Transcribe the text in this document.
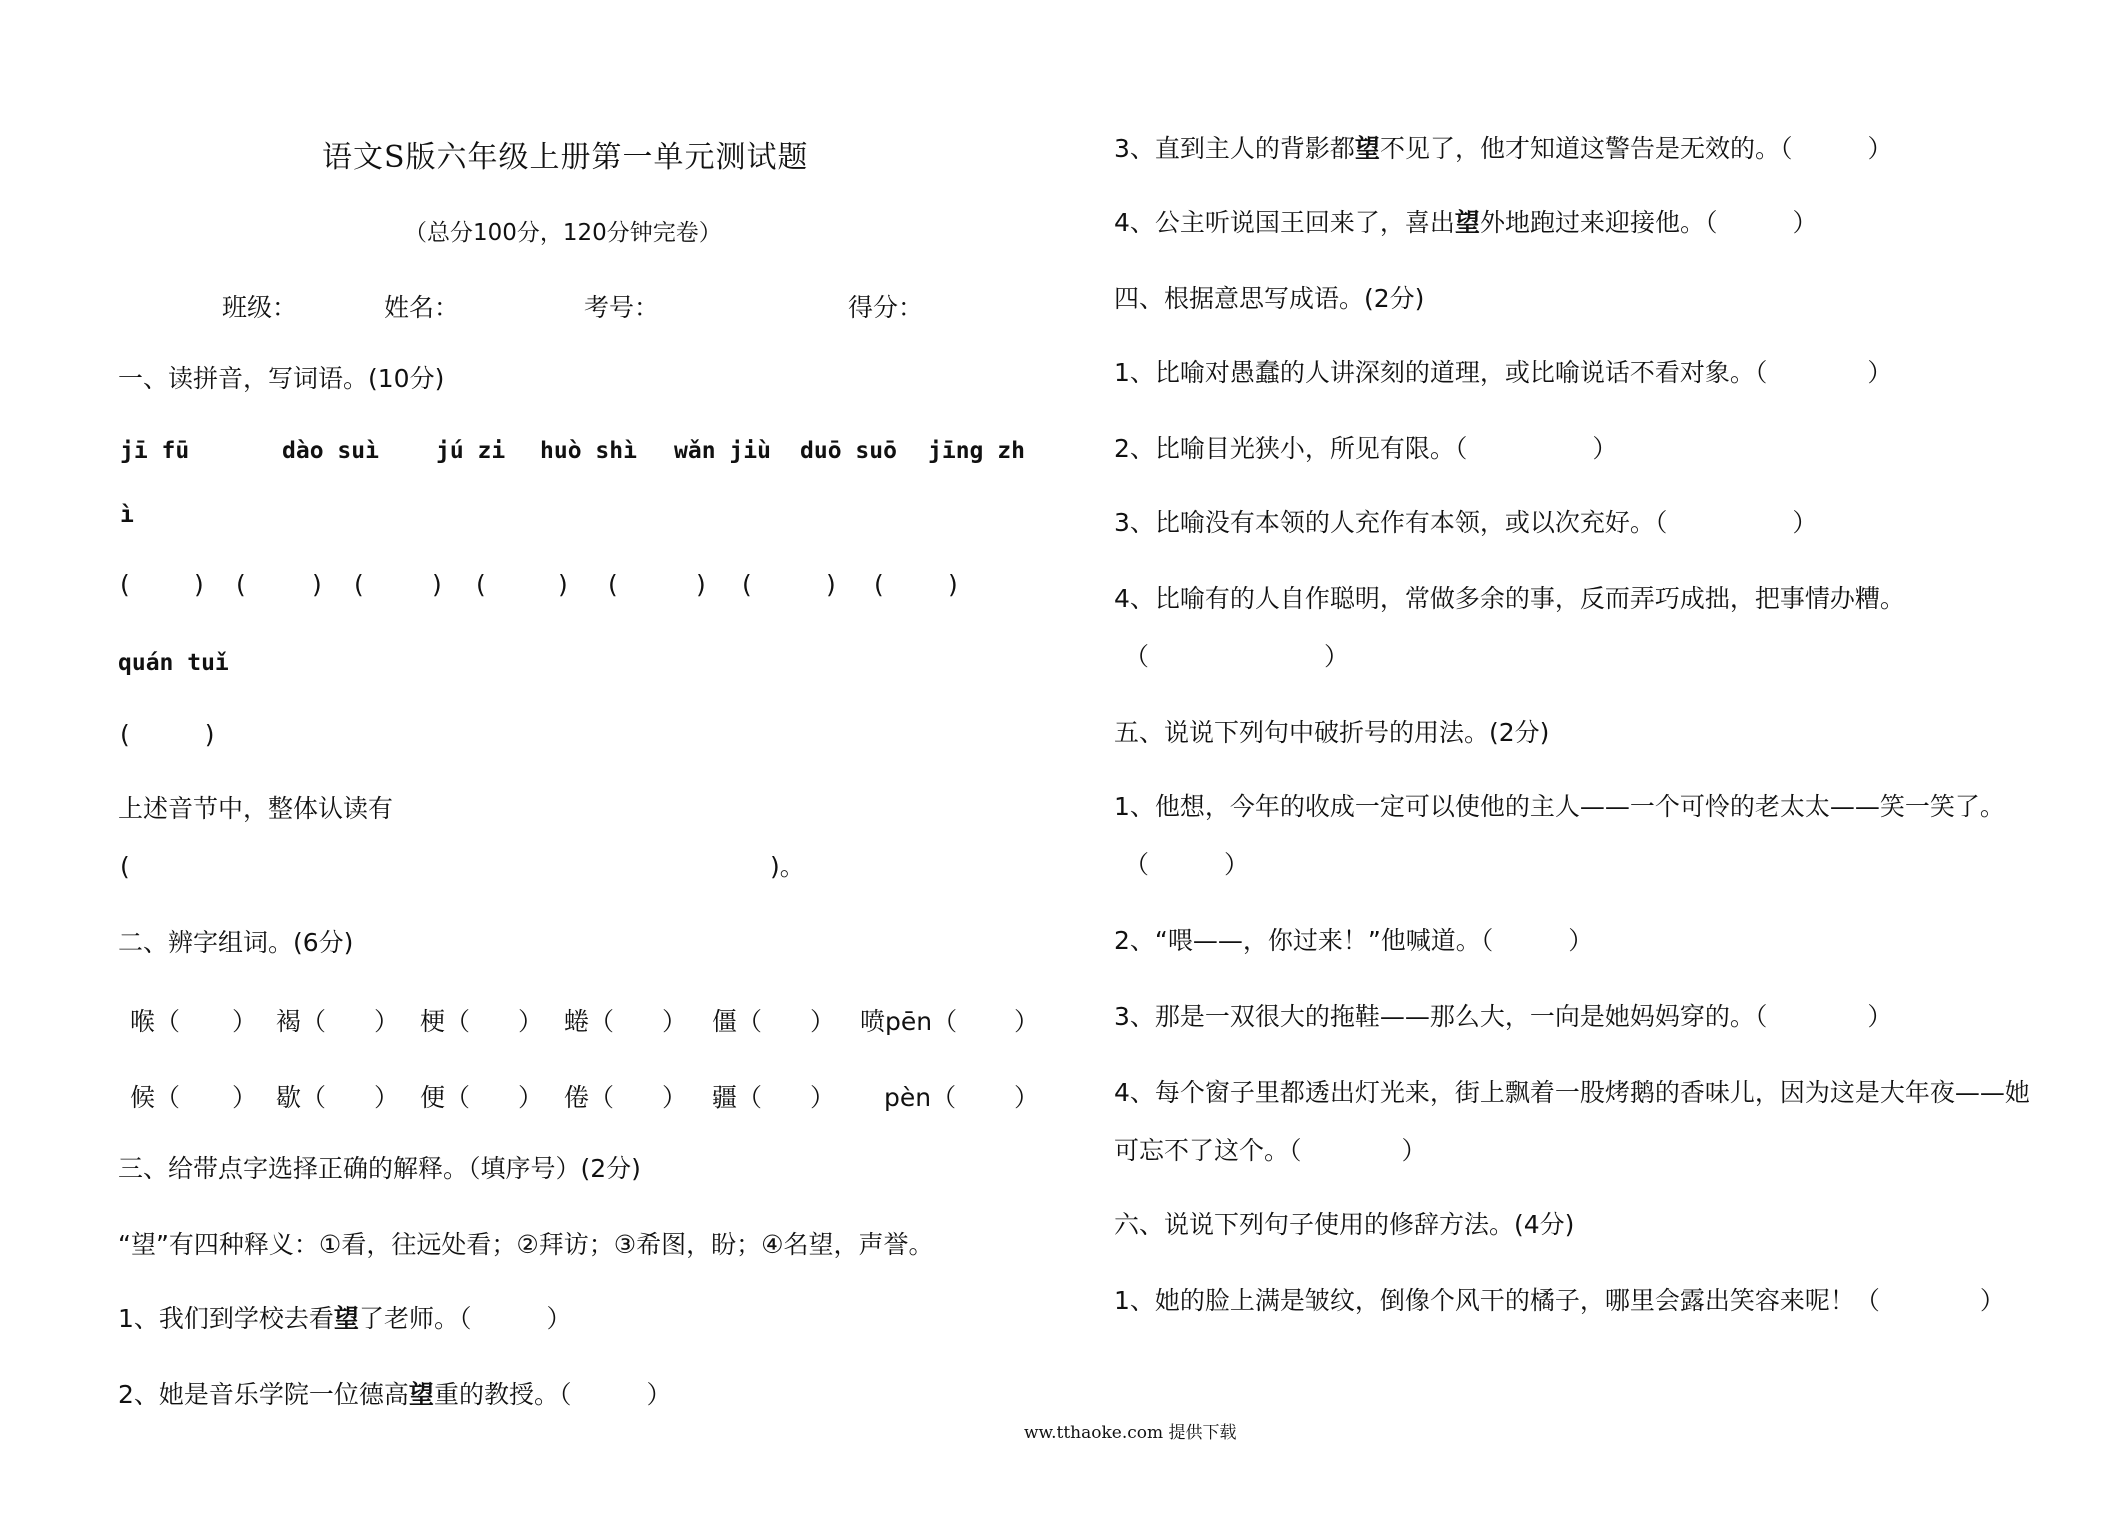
语文S版六年级上册第一单元测试题
（总分100分，120分钟完卷）
班级：	姓名：	考号：	得分：
一、读拼音，写词语。(10分)
jī fū	dào suì jú zi huò shì wǎn jiù duō suō jīng zh
ì
(	) (	) (	) (	) (	) (	) (	)
quán tuǐ
(　　　)
上述音节中，整体认读有
(	)。
二、辨字组词。(6分)
喉（ ） 褐（ ） 梗（ ） 蜷（ ） 僵（ ） 喷pēn（ ）
候（ ） 歇（ ） 便（ ） 倦（ ） 疆（ ） pèn（ ）
三、给带点字选择正确的解释。（填序号）(2分)
“望”有四种释义：①看，往远处看；②拜访；③希图，盼；④名望，声誉。
1、我们到学校去看望了老师。（　　　）
2、她是音乐学院一位德高望重的教授。（　　　）
3、直到主人的背影都望不见了，他才知道这警告是无效的。（　　　）
4、公主听说国王回来了，喜出望外地跑过来迎接他。（　　　）
四、根据意思写成语。(2分)
1、比喻对愚蠢的人讲深刻的道理，或比喻说话不看对象。（　　　　）
2、比喻目光狭小，所见有限。（　　　　　）
3、比喻没有本领的人充作有本领，或以次充好。（　　　　　）
4、比喻有的人自作聪明，常做多余的事，反而弄巧成拙，把事情办糟。
（　　　　　　　）
五、说说下列句中破折号的用法。(2分)
1、他想，今年的收成一定可以使他的主人——一个可怜的老太太——笑一笑了。
（　　　）
2、“喂——，你过来！”他喊道。（　　　）
3、那是一双很大的拖鞋——那么大，一向是她妈妈穿的。（　　　　）
4、每个窗子里都透出灯光来，街上飘着一股烤鹅的香味儿，因为这是大年夜——她
可忘不了这个。（　　　　）
六、说说下列句子使用的修辞方法。(4分)
1、她的脸上满是皱纹，倒像个风干的橘子，哪里会露出笑容来呢！（　　　　）
ww.tthaoke.com 提供下载
